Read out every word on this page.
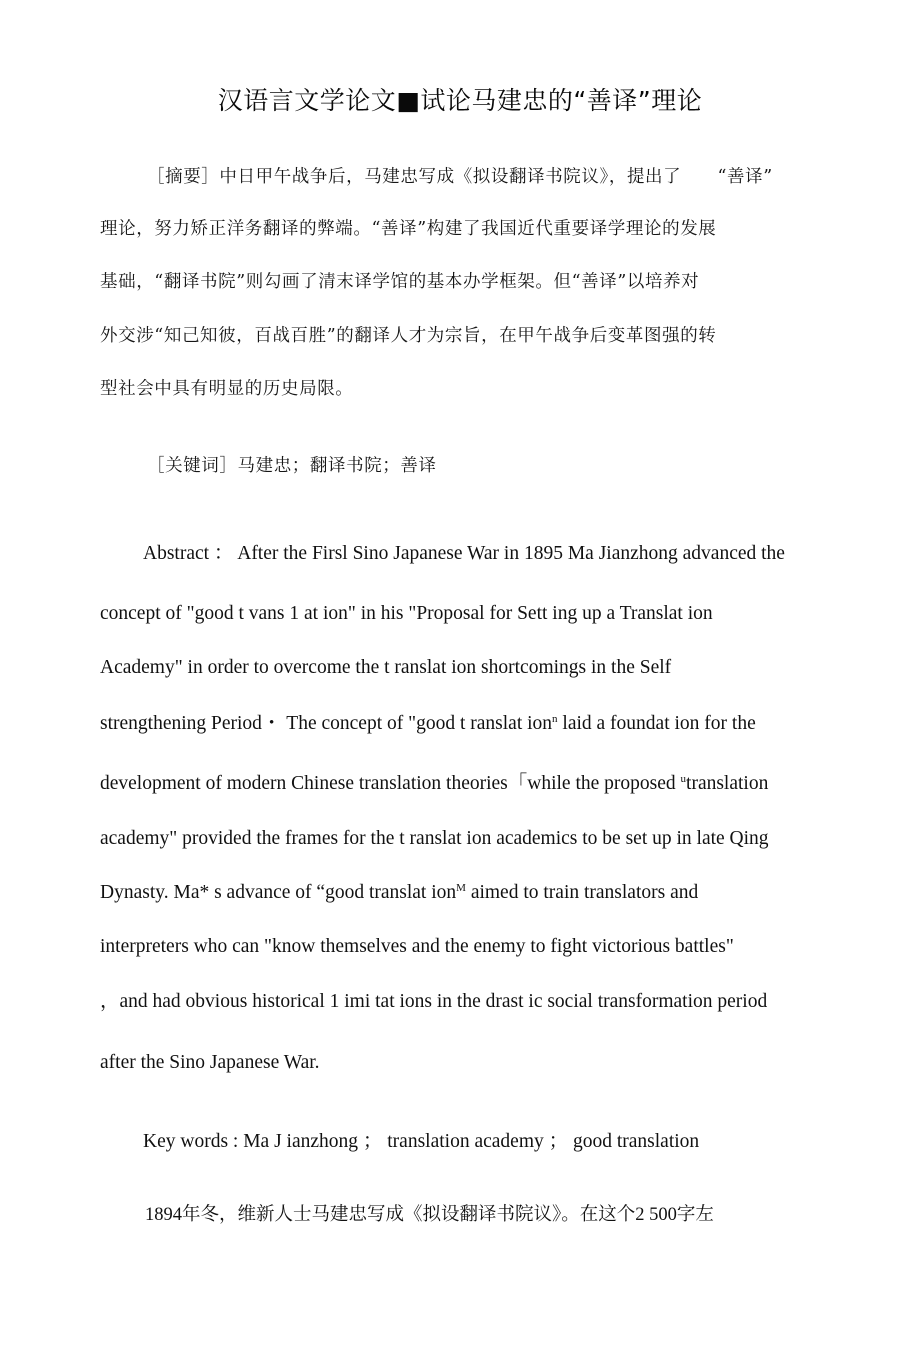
汉语言文学论文■试论马建忠的“善译”理论
［摘要］中日甲午战争后，马建忠写成《拟设翻译书院议》，提出了　　“善译”
理论，努力矫正洋务翻译的弊端。“善译”构建了我国近代重要译学理论的发展
基础，“翻译书院”则勾画了清末译学馆的基本办学框架。但“善译”以培养对
外交涉“知己知彼，百战百胜”的翻译人才为宗旨，在甲午战争后变革图强的转
型社会中具有明显的历史局限。
［关键词］马建忠；翻译书院；善译
Abstract ： After the Firsl Sino Japanese War in 1895 Ma Jianzhong advanced the
concept of "good t vans 1 at ion" in his "Proposal for Sett ing up a Translat ion
Academy" in order to overcome the t ranslat ion shortcomings in the Self
strengthening Period・ The concept of "good t ranslat ion$^n$ laid a foundat ion for the
development of modern Chinese translation theories「while the proposed $^u$translation
academy" provided the frames for the t ranslat ion academics to be set up in late Qing
Dynasty. Ma* s advance of “good translat ion$^M$ aimed to train translators and
interpreters who can "know themselves and the enemy to fight victorious battles"
，and had obvious historical 1 imi tat ions in the drast ic social transformation period
after the Sino Japanese War.
Key words : Ma J ianzhong ； translation academy ； good translation
1894年冬，维新人士马建忠写成《拟设翻译书院议》。在这个2 500字左
